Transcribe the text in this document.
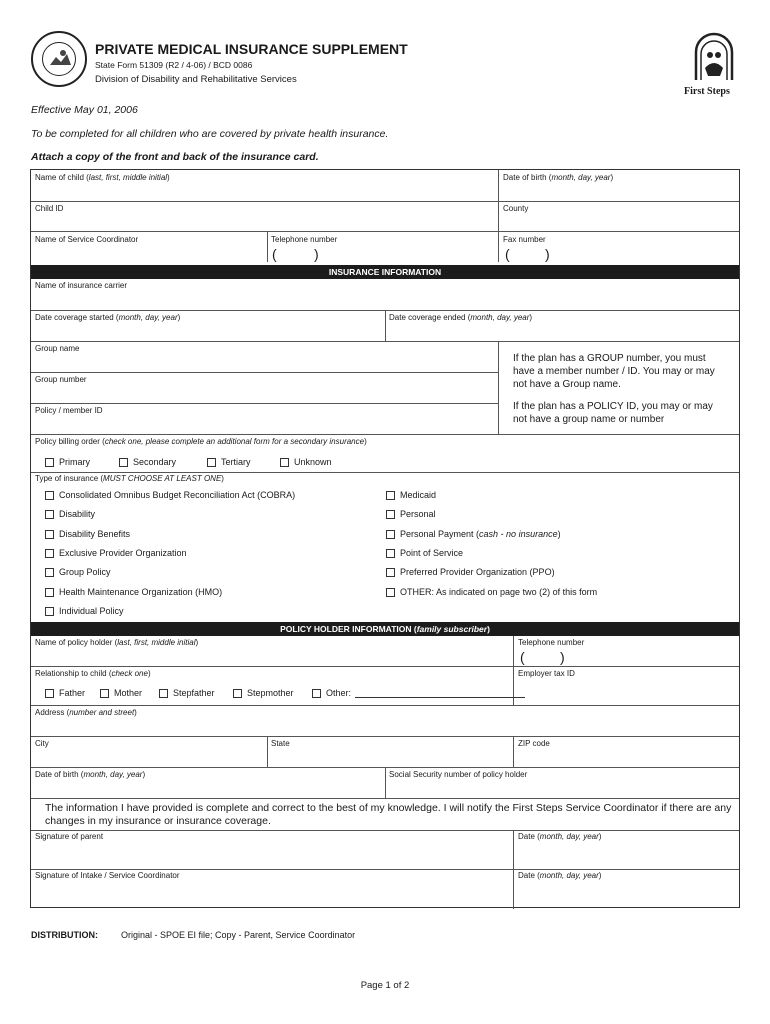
PRIVATE MEDICAL INSURANCE SUPPLEMENT
State Form 51309 (R2 / 4-06) / BCD 0086
Division of Disability and Rehabilitative Services
First Steps
Effective May 01, 2006
To be completed for all children who are covered by private health insurance.
Attach a copy of the front and back of the insurance card.
Name of child (last, first, middle initial)	Date of birth (month, day, year)
Child ID	County
Name of Service Coordinator	Telephone number
(	)
Fax number
(	)
INSURANCE INFORMATION
Name of insurance carrier
Date coverage started (month, day, year)	Date coverage ended (month, day, year)
Group name
Group number
Policy / member ID
If the plan has a GROUP number, you must have a member number / ID. You may or may not have a Group name.
If the plan has a POLICY ID, you may or may not have a group name or number
Policy billing order (check one, please complete an additional form for a secondary insurance)
Primary	Secondary	Tertiary	Unknown
Type of insurance (MUST CHOOSE AT LEAST ONE)
Consolidated Omnibus Budget Reconciliation Act (COBRA)
Disability
Disability Benefits
Exclusive Provider Organization
Group Policy
Health Maintenance Organization (HMO)
Individual Policy
Medicaid
Personal
Personal Payment ( cash - no insurance )
Point of Service
Preferred Provider Organization (PPO)
OTHER: As indicated on page two (2) of this form
POLICY HOLDER INFORMATION (family subscriber)
Name of policy holder (last, first, middle initial)	Telephone number
(	)
Relationship to child (check one)	Employer tax ID
Father	Mother	Stepfather	Stepmother	Other:
Address (number and street)
City	State	ZIP code
Date of birth (month, day, year)	Social Security number of policy holder
The information I have provided is complete and correct to the best of my knowledge. I will notify the First Steps Service Coordinator if there are any changes in my insurance or insurance coverage.
Signature of parent	Date (month, day, year)
Signature of Intake / Service Coordinator	Date (month, day, year)
DISTRIBUTION:	Original - SPOE EI file; Copy - Parent, Service Coordinator
Page 1 of 2
